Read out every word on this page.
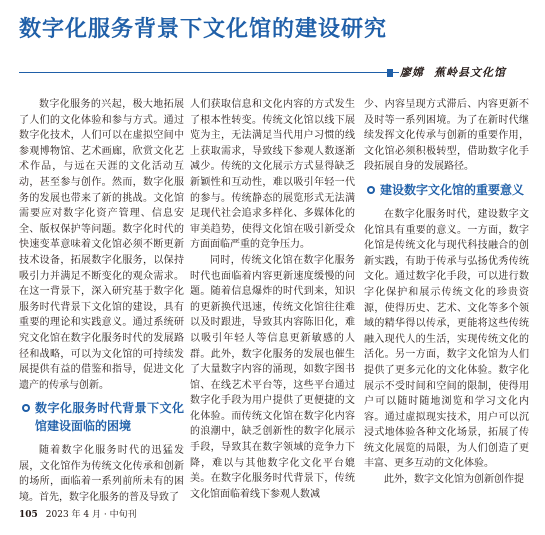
数字化服务背景下文化馆的建设研究
廖嫦 蕉岭县文化馆

数字化服务的兴起，极大地拓展了人们的文化体验和参与方式。通过数字化技术，人们可以在虚拟空间中参观博物馆、艺术画廊，欣赏文化艺术作品，与远在天涯的文化活动互动，甚至参与创作。然而，数字化服务的发展也带来了新的挑战。文化馆需要应对数字化资产管理、信息安全、版权保护等问题。数字化时代的快速变革意味着文化馆必须不断更新技术设备，拓展数字化服务，以保持吸引力并满足不断变化的观众需求。在这一背景下，深入研究基于数字化服务时代背景下文化馆的建设，具有重要的理论和实践意义。通过系统研究文化馆在数字化服务时代的发展路径和战略，可以为文化馆的可持续发展提供有益的借鉴和指导，促进文化遗产的传承与创新。

数字化服务时代背景下文化馆建设面临的困境

随着数字化服务时代的迅猛发展，文化馆作为传统文化传承和创新的场所，面临着一系列前所未有的困境。首先，数字化服务的普及导致了

人们获取信息和文化内容的方式发生了根本性转变。传统文化馆以线下展览为主，无法满足当代用户习惯的线上获取需求，导致线下参观人数逐渐减少。传统的文化展示方式显得缺乏新颖性和互动性，难以吸引年轻一代的参与。传统静态的展览形式无法满足现代社会追求多样化、多媒体化的审美趋势，使得文化馆在吸引新受众方面面临严重的竞争压力。

同时，传统文化馆在数字化服务时代也面临着内容更新速度缓慢的问题。随着信息爆炸的时代到来，知识的更新换代迅速，传统文化馆往往难以及时跟进，导致其内容陈旧化，难以吸引年轻人等信息更新敏感的人群。此外，数字化服务的发展也催生了大量数字内容的涌现，如数字图书馆、在线艺术平台等，这些平台通过数字化手段为用户提供了更便捷的文化体验。而传统文化馆在数字化内容的浪潮中，缺乏创新性的数字化展示手段，导致其在数字领域的竞争力下降，难以与其他数字化文化平台媲美。在数字化服务时代背景下，传统文化馆面临着线下参观人数减

少、内容呈现方式滞后、内容更新不及时等一系列困境。为了在新时代继续发挥文化传承与创新的重要作用，文化馆必须积极转型，借助数字化手段拓展自身的发展路径。

建设数字文化馆的重要意义

在数字化服务时代，建设数字文化馆具有重要的意义。一方面，数字化馆是传统文化与现代科技融合的创新实践，有助于传承与弘扬优秀传统文化。通过数字化手段，可以进行数字化保护和展示传统文化的珍贵资源，使得历史、艺术、文化等多个领域的精华得以传承，更能将这些传统融入现代人的生活，实现传统文化的活化。另一方面，数字文化馆为人们提供了更多元化的文化体验。数字化展示不受时间和空间的限制，使得用户可以随时随地浏览和学习文化内容。通过虚拟现实技术，用户可以沉浸式地体验各种文化场景，拓展了传统文化展览的局限，为人们创造了更丰富、更多互动的文化体验。

此外，数字文化馆为创新创作提

105 2023 年 4 月 · 中旬刊
